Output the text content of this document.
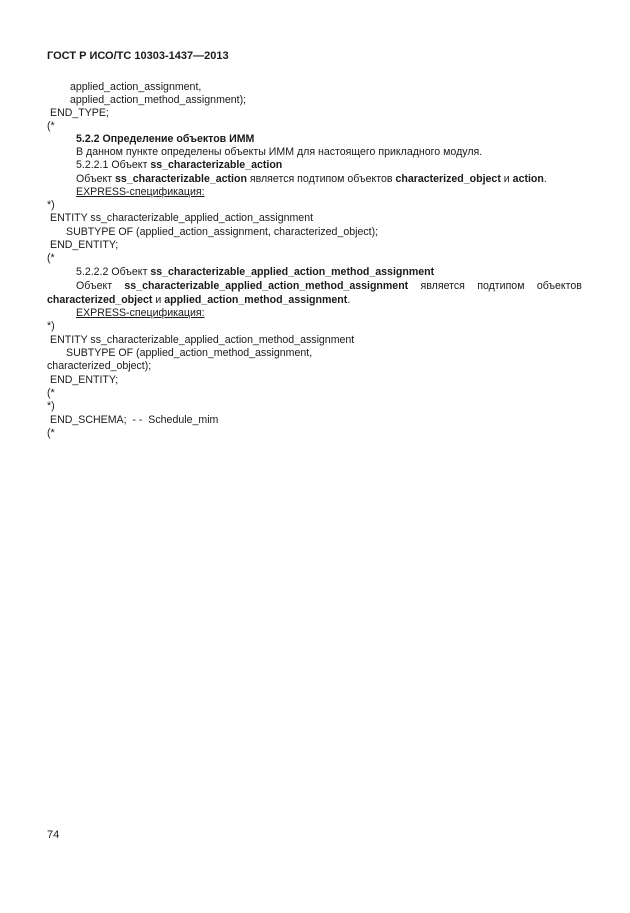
ГОСТ Р ИСО/ТС 10303-1437—2013
applied_action_assignment,
applied_action_method_assignment);
END_TYPE;
(*
5.2.2 Определение объектов ИММ
В данном пункте определены объекты ИММ для настоящего прикладного модуля.
5.2.2.1 Объект ss_characterizable_action
Объект ss_characterizable_action является подтипом объектов characterized_object и action.
EXPRESS-спецификация:
*)
ENTITY ss_characterizable_applied_action_assignment
SUBTYPE OF (applied_action_assignment, characterized_object);
END_ENTITY;
(*
5.2.2.2 Объект ss_characterizable_applied_action_method_assignment
Объект ss_characterizable_applied_action_method_assignment является подтипом объектов
characterized_object и applied_action_method_assignment.
EXPRESS-спецификация:
*)
ENTITY ss_characterizable_applied_action_method_assignment
SUBTYPE OF (applied_action_method_assignment,
characterized_object);
END_ENTITY;
(*
*)
END_SCHEMA;  - -  Schedule_mim
(*
74
